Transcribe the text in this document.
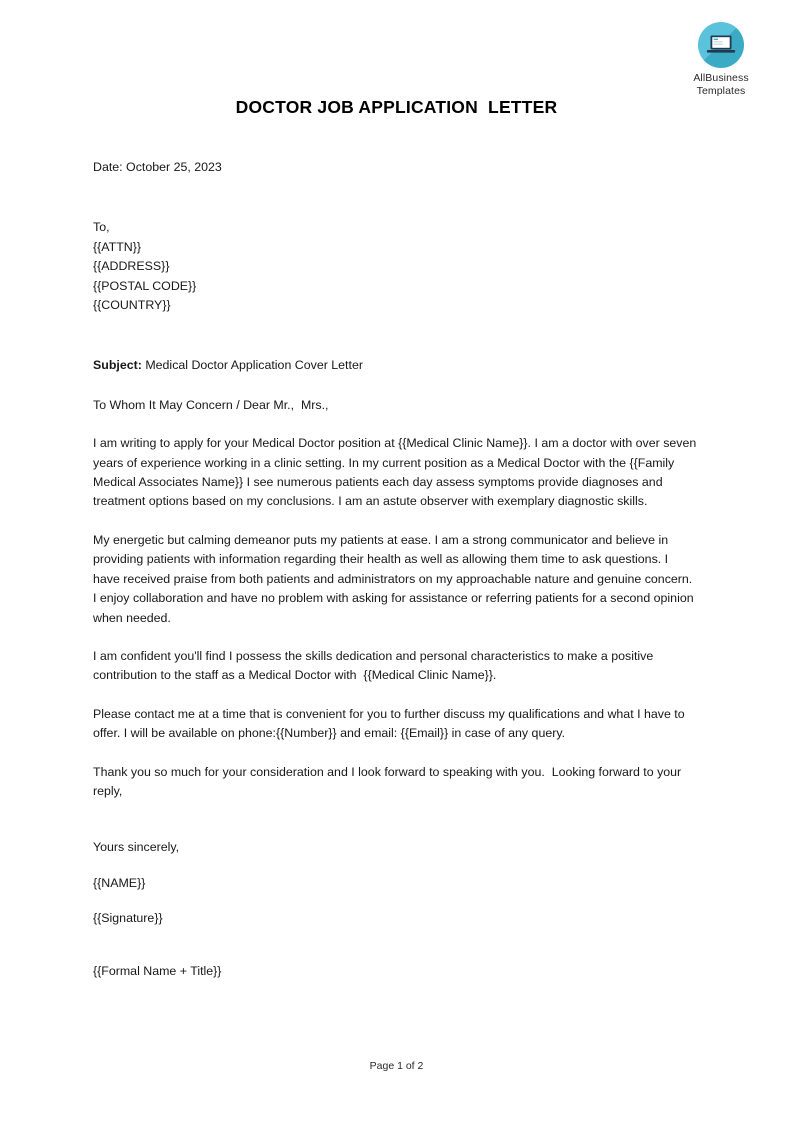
AllBusiness
Templates
DOCTOR JOB APPLICATION  LETTER

Date: October 25, 2023

To,

{{ATTN}}

{{ADDRESS}}

{{POSTAL CODE}}

{{COUNTRY}}

Subject: Medical Doctor Application Cover Letter

To Whom It May Concern / Dear Mr.,  Mrs.,

I am writing to apply for your Medical Doctor position at {{Medical Clinic Name}}. I am a doctor with over seven years of experience working in a clinic setting. In my current position as a Medical Doctor with the {{Family Medical Associates Name}} I see numerous patients each day assess symptoms provide diagnoses and treatment options based on my conclusions. I am an astute observer with exemplary diagnostic skills.

My energetic but calming demeanor puts my patients at ease. I am a strong communicator and believe in providing patients with information regarding their health as well as allowing them time to ask questions. I have received praise from both patients and administrators on my approachable nature and genuine concern. I enjoy collaboration and have no problem with asking for assistance or referring patients for a second opinion when needed.

I am confident you'll find I possess the skills dedication and personal characteristics to make a positive contribution to the staff as a Medical Doctor with  {{Medical Clinic Name}}.

Please contact me at a time that is convenient for you to further discuss my qualifications and what I have to offer. I will be available on phone:{{Number}} and email: {{Email}} in case of any query.

Thank you so much for your consideration and I look forward to speaking with you.  Looking forward to your reply,

Yours sincerely,

{{NAME}}

{{Signature}}

{{Formal Name + Title}}

Page 1 of 2
